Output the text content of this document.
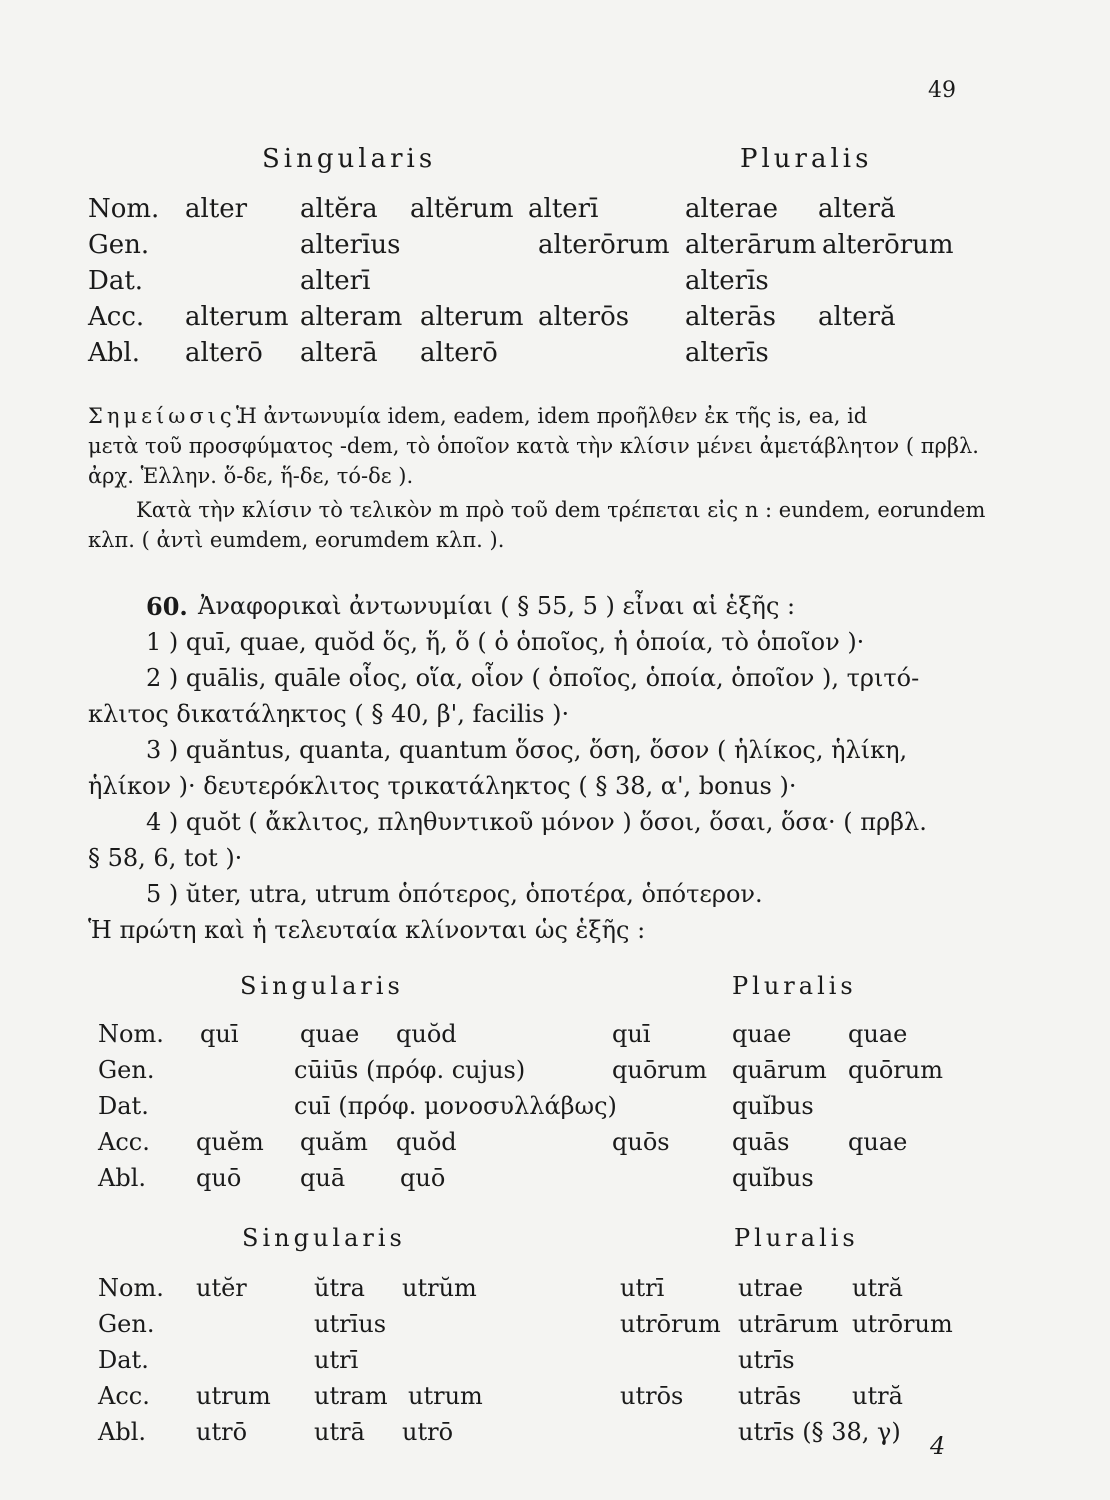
49
Singularis	Pluralis
Nom. alter altĕra altĕrum alterī	alterae alteră
Gen.	alterīus	alterōrum alterārum alterōrum
Dat.	alterī	alterīs
Acc. alterum alteram alterum alterōs alterās alteră
Abl. alterō alterā alterō	alterīs
Σημείωσις.
Ἡ ἀντωνυμία idem, eadem, idem προῆλθεν ἐκ τῆς is, ea, id
μετὰ τοῦ προσφύματος -dem, τὸ ὁποῖον κατὰ τὴν κλίσιν μένει ἀμετάβλητον ( πρβλ.
ἀρχ. Ἑλλην. ὅ-δε, ἥ-δε, τό-δε ).
Κατὰ τὴν κλίσιν τὸ τελικὸν m πρὸ τοῦ dem τρέπεται εἰς n : eundem, eorundem
κλπ. ( ἀντὶ eumdem, eorumdem κλπ. ).
60. Ἀναφορικαὶ ἀντωνυμίαι ( § 55, 5 ) εἶναι αἱ ἑξῆς :
1 ) quī, quae, quŏd ὅς, ἥ, ὅ ( ὁ ὁποῖος, ἡ ὁποία, τὸ ὁποῖον )·
2 ) quālis, quāle οἷος, οἵα, οἷον ( ὁποῖος, ὁποία, ὁποῖον ), τριτό-
κλιτος δικατάληκτος ( § 40, β', facilis )·
3 ) quăntus, quanta, quantum ὅσος, ὅση, ὅσον ( ἡλίκος, ἡλίκη,
ἡλίκον )· δευτερόκλιτος τρικατάληκτος ( § 38, α', bonus )·
4 ) quŏt ( ἄκλιτος, πληθυντικοῦ μόνον ) ὅσοι, ὅσαι, ὅσα· ( πρβλ.
§ 58, 6, tot )·
5 ) ŭter, utra, utrum ὁπότερος, ὁποτέρα, ὁπότερον.
Ἡ πρώτη καὶ ἡ τελευταία κλίνονται ὡς ἑξῆς :
Singularis	Pluralis
Nom. quī	quae quŏd	quī	quae quae
Gen.	cūiūs (πρόφ. cujus)	quōrum quārum quōrum
Dat.	cuī (πρόφ. μονοσυλλάβως)	quĭbus
Acc. quĕm quăm quŏd	quōs	quās quae
Abl. quō quā quō	quĭbus
Singularis	Pluralis
Nom. utĕr	ŭtra utrŭm	utrī	utrae utră
Gen.	utrīus	utrōrum utrārum utrōrum
Dat.	utrī	utrīs
Acc. utrum utram utrum	utrōs utrās utră
Abl. utrō	utrā utrō	utrīs (§ 38, γ) 4
